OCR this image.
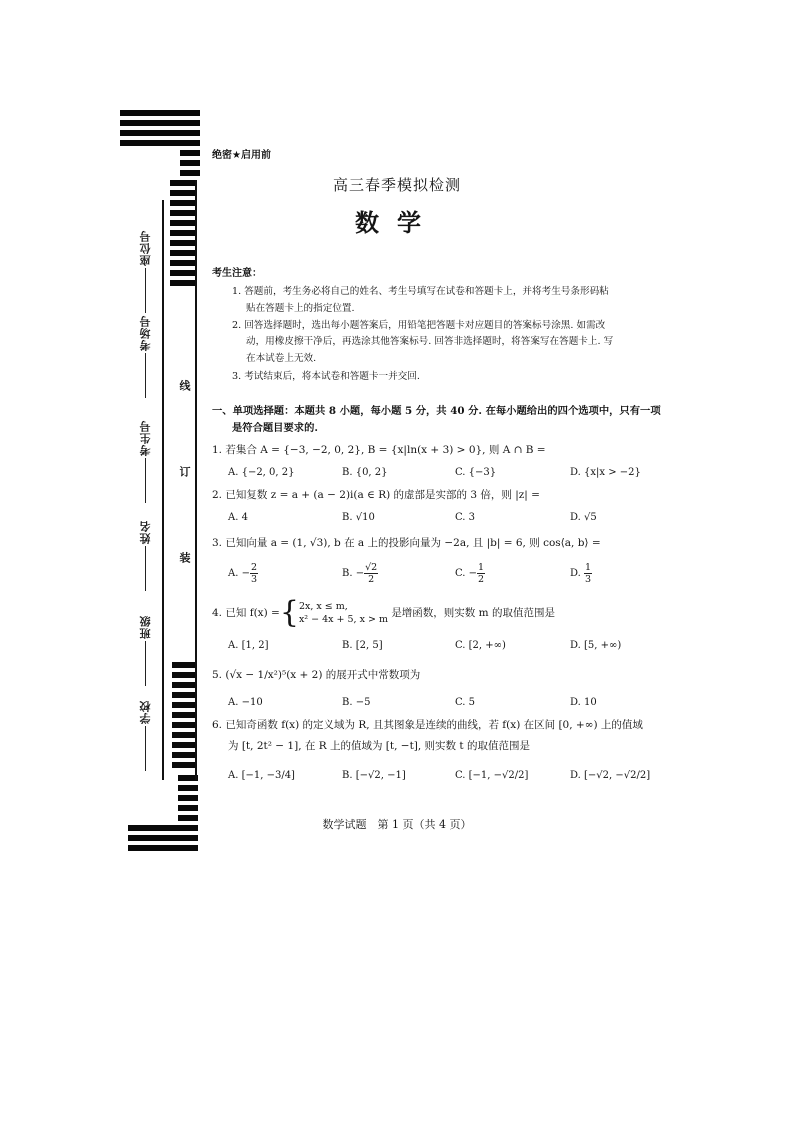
座位号
考场号
考生号
姓名
班级
学校
线
订
装
绝密★启用前
高三春季模拟检测
数学
考生注意：
1. 答题前，考生务必将自己的姓名、考生号填写在试卷和答题卡上，并将考生号条形码粘
贴在答题卡上的指定位置.
2. 回答选择题时，选出每小题答案后，用铅笔把答题卡对应题目的答案标号涂黑. 如需改
动，用橡皮擦干净后，再选涂其他答案标号. 回答非选择题时，将答案写在答题卡上. 写
在本试卷上无效.
3. 考试结束后，将本试卷和答题卡一并交回.
一、单项选择题：本题共 8 小题，每小题 5 分，共 40 分. 在每小题给出的四个选项中，只有一项
是符合题目要求的.
1. 若集合 A = {−3, −2, 0, 2}, B = {x|ln(x + 3) > 0}, 则 A ∩ B =
A. {−2, 0, 2}	B. {0, 2}	C. {−3}	D. {x|x > −2}
2. 已知复数 z = a + (a − 2)i(a ∈ R) 的虚部是实部的 3 倍，则 |z| =
A. 4	B. √10	C. 3	D. √5
3. 已知向量 a = (1, √3), b 在 a 上的投影向量为 −2a, 且 |b| = 6, 则 cos⟨a, b⟩ =
A. − $\frac{2}{3}$	B. − $\frac{√2}{2}$	C. − $\frac{1}{2}$	D. $\frac{1}{3}$
4. 已知 f(x) ={2x, x ≤ m,
x² − 4x + 5, x > m 是增函数，则实数 m 的取值范围是
A. [1, 2]	B. [2, 5]	C. [2, +∞)	D. [5, +∞)
5. (√x − 1/x²)⁵(x + 2) 的展开式中常数项为
A. −10	B. −5	C. 5	D. 10
6. 已知奇函数 f(x) 的定义域为 R, 且其图象是连续的曲线，若 f(x) 在区间 [0, +∞) 上的值域
为 [t, 2t² − 1], 在 R 上的值域为 [t, −t], 则实数 t 的取值范围是
A. [−1, −3/4]	B. [−√2, −1]	C. [−1, −√2/2]	D. [−√2, −√2/2]
数学试题　第 1 页（共 4 页）
